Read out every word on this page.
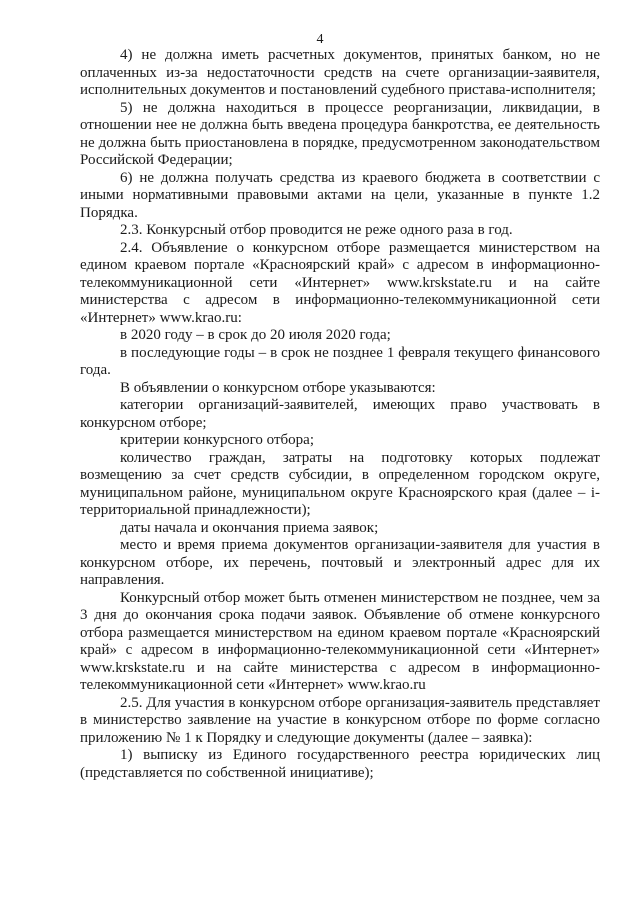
4

4) не должна иметь расчетных документов, принятых банком, но не оплаченных из-за недостаточности средств на счете организации-заявителя, исполнительных документов и постановлений судебного пристава-исполнителя;

5) не должна находиться в процессе реорганизации, ликвидации, в отношении нее не должна быть введена процедура банкротства, ее деятельность не должна быть приостановлена в порядке, предусмотренном законодательством Российской Федерации;

6) не должна получать средства из краевого бюджета в соответствии с иными нормативными правовыми актами на цели, указанные в пункте 1.2 Порядка.

2.3. Конкурсный отбор проводится не реже одного раза в год.

2.4. Объявление о конкурсном отборе размещается министерством на едином краевом портале «Красноярский край» с адресом в информационно-телекоммуникационной сети «Интернет» www.krskstate.ru и на сайте министерства с адресом в информационно-телекоммуникационной сети «Интернет» www.krao.ru:

в 2020 году – в срок до 20 июля 2020 года;

в последующие годы – в срок не позднее 1 февраля текущего финансового года.

В объявлении о конкурсном отборе указываются:

категории организаций-заявителей, имеющих право участвовать в конкурсном отборе;

критерии конкурсного отбора;

количество граждан, затраты на подготовку которых подлежат возмещению за счет средств субсидии, в определенном городском округе, муниципальном районе, муниципальном округе Красноярского края (далее – i-территориальной принадлежности);

даты начала и окончания приема заявок;

место и время приема документов организации-заявителя для участия в конкурсном отборе, их перечень, почтовый и электронный адрес для их направления.

Конкурсный отбор может быть отменен министерством не позднее, чем за 3 дня до окончания срока подачи заявок. Объявление об отмене конкурсного отбора размещается министерством на едином краевом портале «Красноярский край» с адресом в информационно-телекоммуникационной сети «Интернет» www.krskstate.ru и на сайте министерства с адресом в информационно-телекоммуникационной сети «Интернет» www.krao.ru

2.5. Для участия в конкурсном отборе организация-заявитель представляет в министерство заявление на участие в конкурсном отборе по форме согласно приложению № 1 к Порядку и следующие документы (далее – заявка):

1) выписку из Единого государственного реестра юридических лиц (представляется по собственной инициативе);
